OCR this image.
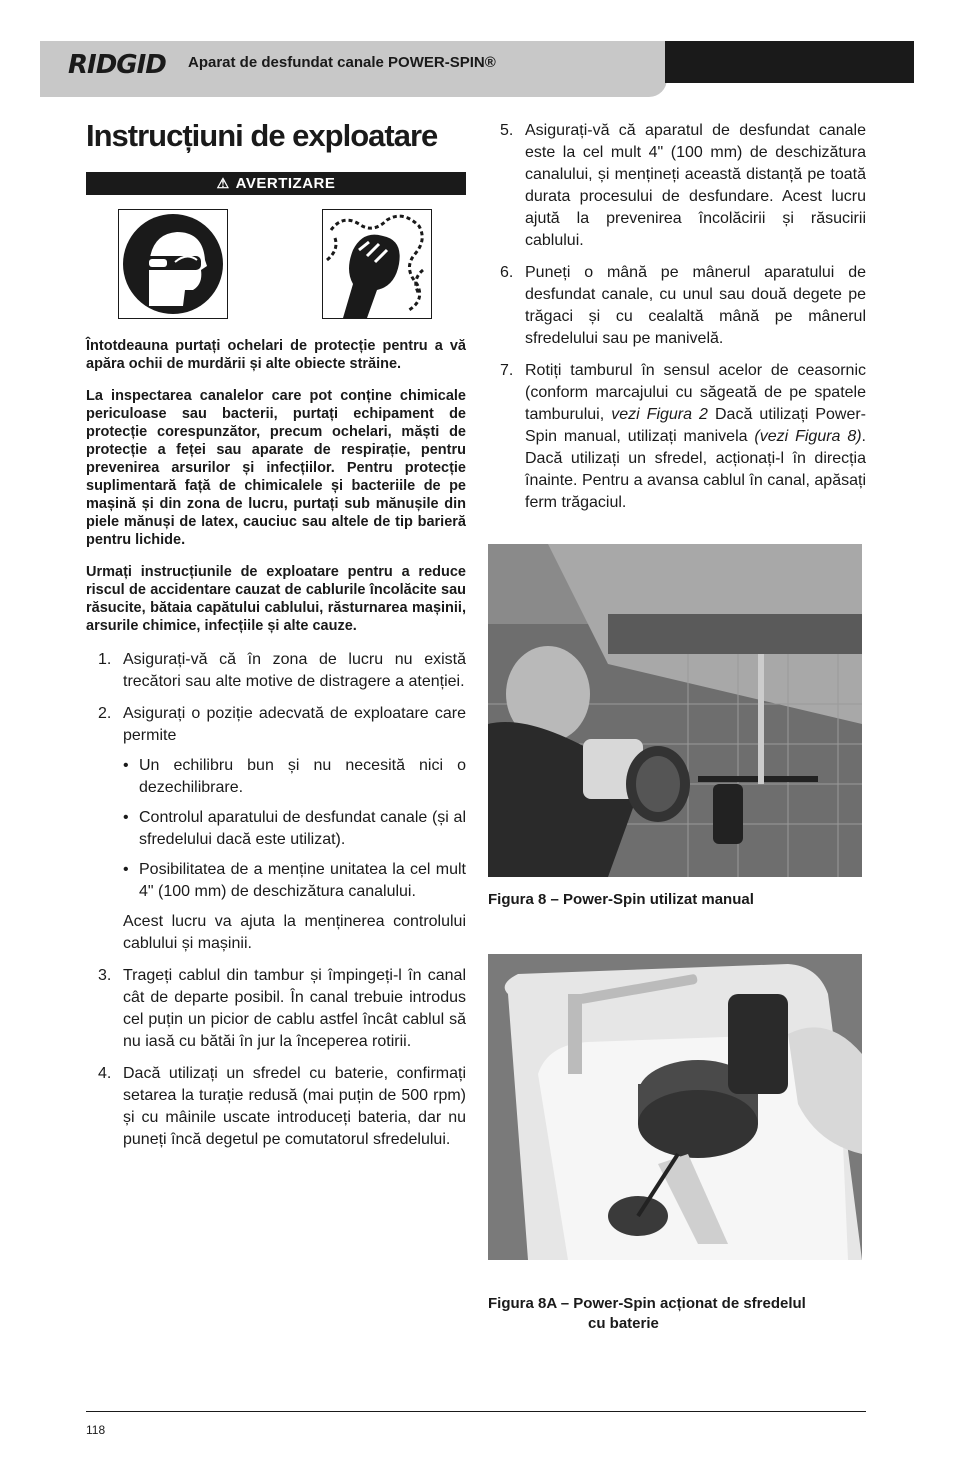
RIDGID Aparat de desfundat canale POWER-SPIN®
Instrucțiuni de exploatare
⚠ AVERTIZARE

Întotdeauna purtați ochelari de protecție pentru a vă apăra ochii de murdării și alte obiecte străine.

La inspectarea canalelor care pot conține chimicale periculoase sau bacterii, purtați echipament de protecție corespunzător, precum ochelari, măști de protecție a feței sau aparate de respirație, pentru prevenirea arsurilor și infecțiilor. Pentru protecție suplimentară față de chimicalele și bacteriile de pe mașină și din zona de lucru, purtați sub mănușile din piele mănuși de latex, cauciuc sau altele de tip barieră pentru lichide.

Urmați instrucțiunile de exploatare pentru a reduce riscul de accidentare cauzat de cablurile încolăcite sau răsucite, bătaia capătului cablului, răsturnarea mașinii, arsurile chimice, infecțiile și alte cauze.

1. Asigurați-vă că în zona de lucru nu există trecători sau alte motive de distragere a atenției.
2. Asigurați o poziție adecvată de exploatare care permite
• Un echilibru bun și nu necesită nici o dezechilibrare.
• Controlul aparatului de desfundat canale (și al sfredelului dacă este utilizat).
• Posibilitatea de a menține unitatea la cel mult 4" (100 mm) de deschizătura canalului.

Acest lucru va ajuta la menținerea controlului cablului și mașinii.

3. Trageți cablul din tambur și împingeți-l în canal cât de departe posibil. În canal trebuie introdus cel puțin un picior de cablu astfel încât cablul să nu iasă cu bătăi în jur la începerea rotirii.
4. Dacă utilizați un sfredel cu baterie, confirmați setarea la turație redusă (mai puțin de 500 rpm) și cu mâinile uscate introduceți bateria, dar nu puneți încă degetul pe comutatorul sfredelului.
5. Asigurați-vă că aparatul de desfundat canale este la cel mult 4" (100 mm) de deschizătura canalului, și mențineți această distanță pe toată durata procesului de desfundare. Acest lucru ajută la prevenirea încolăcirii și răsucirii cablului.
6. Puneți o mână pe mânerul aparatului de desfundat canale, cu unul sau două degete pe trăgaci și cu cealaltă mână pe mânerul sfredelului sau pe manivelă.
7. Rotiți tamburul în sensul acelor de ceasornic (conform marcajului cu săgeată de pe spatele tamburului, vezi Figura 2 Dacă utilizați Power-Spin manual, utilizați manivela (vezi Figura 8). Dacă utilizați un sfredel, acționați-l în direcția înainte. Pentru a avansa cablul în canal, apăsați ferm trăgaciul.
Figura 8 – Power-Spin utilizat manual
Figura 8A – Power-Spin acționat de sfredelul
cu baterie
118
